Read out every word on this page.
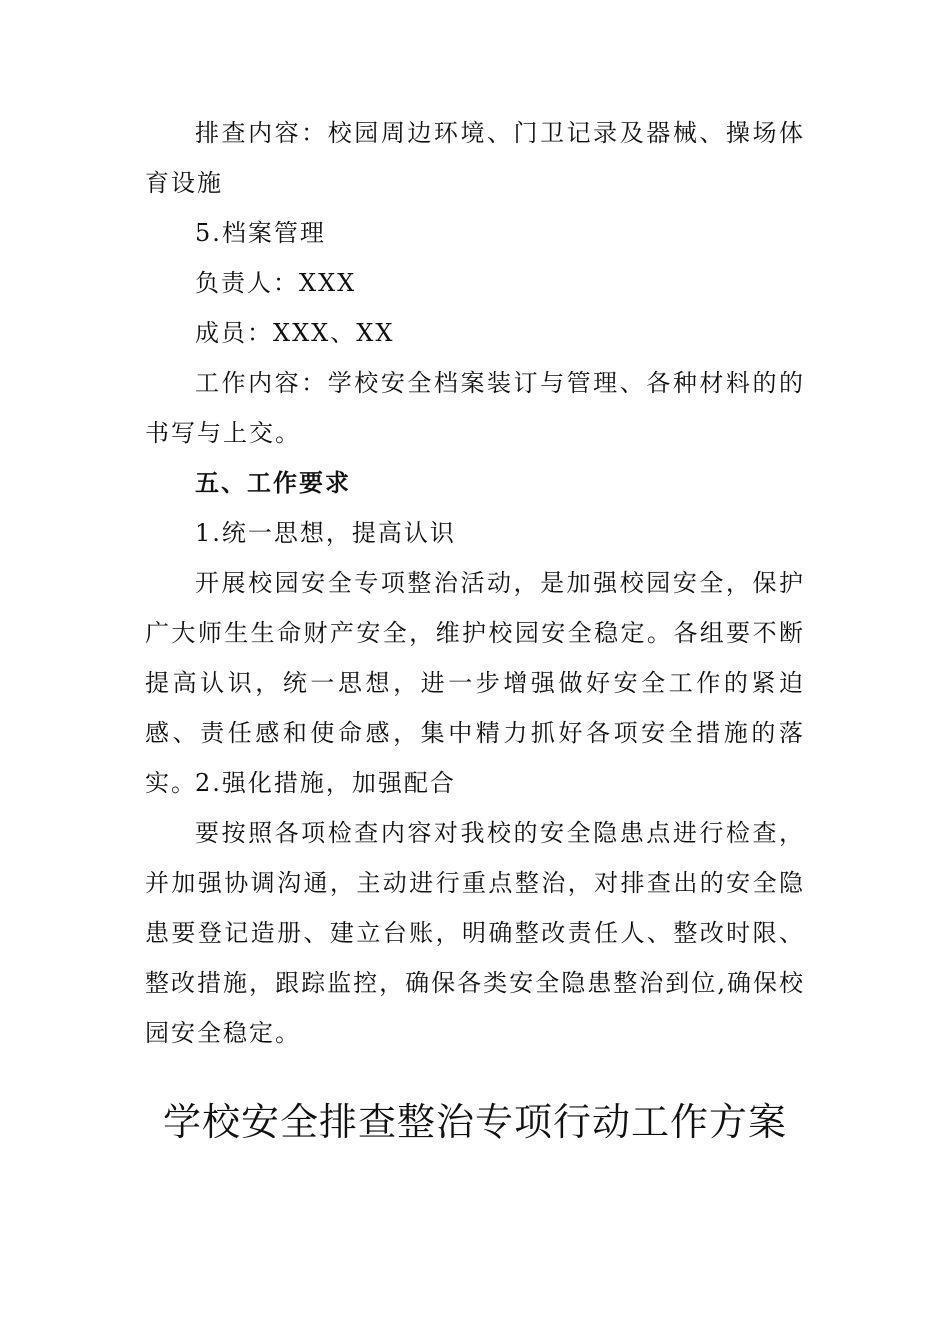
排查内容：校园周边环境、门卫记录及器械、操场体育设施

5.档案管理

负责人：XXX

成员：XXX、XX

工作内容：学校安全档案装订与管理、各种材料的的书写与上交。

五、工作要求

1.统一思想，提高认识

开展校园安全专项整治活动，是加强校园安全，保护广大师生生命财产安全，维护校园安全稳定。各组要不断提高认识，统一思想，进一步增强做好安全工作的紧迫感、责任感和使命感，集中精力抓好各项安全措施的落实。

2.强化措施，加强配合

要按照各项检查内容对我校的安全隐患点进行检查，并加强协调沟通，主动进行重点整治，对排查出的安全隐患要登记造册、建立台账，明确整改责任人、整改时限、整改措施，跟踪监控，确保各类安全隐患整治到位,确保校园安全稳定。

学校安全排查整治专项行动工作方案
